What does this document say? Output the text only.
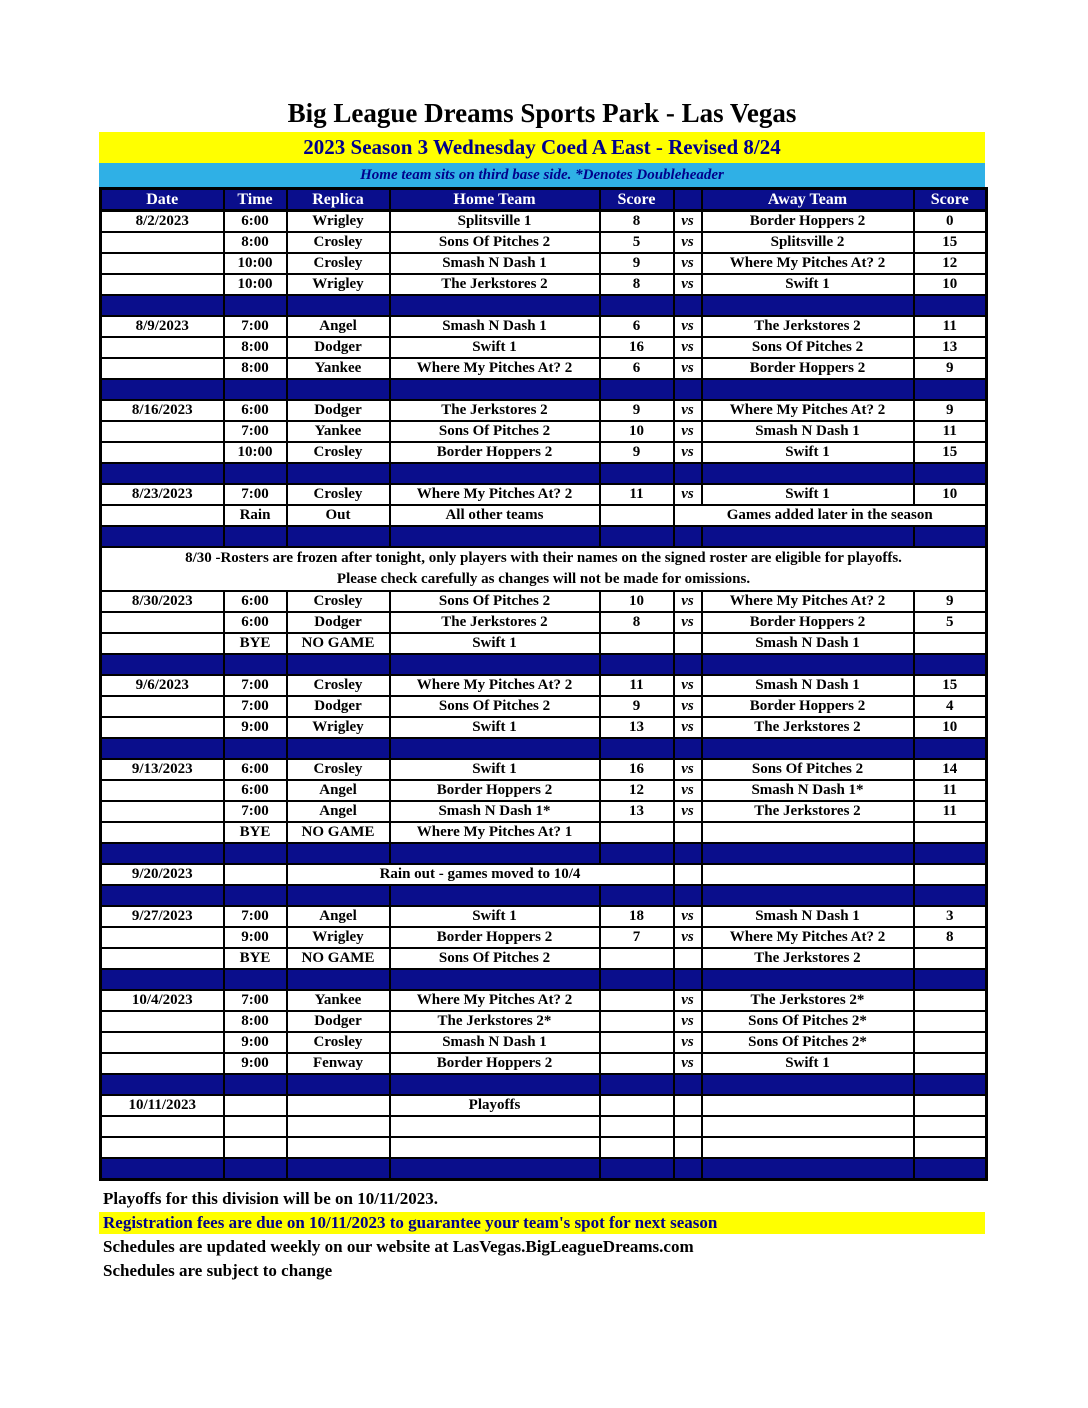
Big League Dreams Sports Park - Las Vegas
2023 Season 3 Wednesday Coed A East - Revised 8/24
Home team sits on third base side. *Denotes Doubleheader
Date	Time	Replica	Home Team	Score		Away Team	Score
8/2/2023	6:00	Wrigley	Splitsville 1	8	vs	Border Hoppers 2	0
	8:00	Crosley	Sons Of Pitches 2	5	vs	Splitsville 2	15
	10:00	Crosley	Smash N Dash 1	9	vs	Where My Pitches At? 2	12
	10:00	Wrigley	The Jerkstores 2	8	vs	Swift 1	10

8/9/2023	7:00	Angel	Smash N Dash 1	6	vs	The Jerkstores 2	11
	8:00	Dodger	Swift 1	16	vs	Sons Of Pitches 2	13
	8:00	Yankee	Where My Pitches At? 2	6	vs	Border Hoppers 2	9

8/16/2023	6:00	Dodger	The Jerkstores 2	9	vs	Where My Pitches At? 2	9
	7:00	Yankee	Sons Of Pitches 2	10	vs	Smash N Dash 1	11
	10:00	Crosley	Border Hoppers 2	9	vs	Swift 1	15

8/23/2023	7:00	Crosley	Where My Pitches At? 2	11	vs	Swift 1	10
	Rain	Out	All other teams		Games added later in the season		

8/30 -Rosters are frozen after tonight, only players with their names on the signed roster are eligible for playoffs.
Please check carefully as changes will not be made for omissions.							

8/30/2023	6:00	Crosley	Sons Of Pitches 2	10	vs	Where My Pitches At? 2	9
	6:00	Dodger	The Jerkstores 2	8	vs	Border Hoppers 2	5
	BYE	NO GAME	Swift 1			Smash N Dash 1	

9/6/2023	7:00	Crosley	Where My Pitches At? 2	11	vs	Smash N Dash 1	15
	7:00	Dodger	Sons Of Pitches 2	9	vs	Border Hoppers 2	4
	9:00	Wrigley	Swift 1	13	vs	The Jerkstores 2	10

9/13/2023	6:00	Crosley	Swift 1	16	vs	Sons Of Pitches 2	14
	6:00	Angel	Border Hoppers 2	12	vs	Smash N Dash 1*	11
	7:00	Angel	Smash N Dash 1*	13	vs	The Jerkstores 2	11
	BYE	NO GAME	Where My Pitches At? 1				

9/20/2023		Rain out - games moved to 10/4					

9/27/2023	7:00	Angel	Swift 1	18	vs	Smash N Dash 1	3
	9:00	Wrigley	Border Hoppers 2	7	vs	Where My Pitches At? 2	8
	BYE	NO GAME	Sons Of Pitches 2			The Jerkstores 2	

10/4/2023	7:00	Yankee	Where My Pitches At? 2		vs	The Jerkstores 2*	
	8:00	Dodger	The Jerkstores 2*		vs	Sons Of Pitches 2*	
	9:00	Crosley	Smash N Dash 1		vs	Sons Of Pitches 2*	
	9:00	Fenway	Border Hoppers 2		vs	Swift 1	

10/11/2023			Playoffs				

Playoffs for this division will be on 10/11/2023.
Registration fees are due on 10/11/2023 to guarantee your team's spot for next season
Schedules are updated weekly on our website at LasVegas.BigLeagueDreams.com
Schedules are subject to change
